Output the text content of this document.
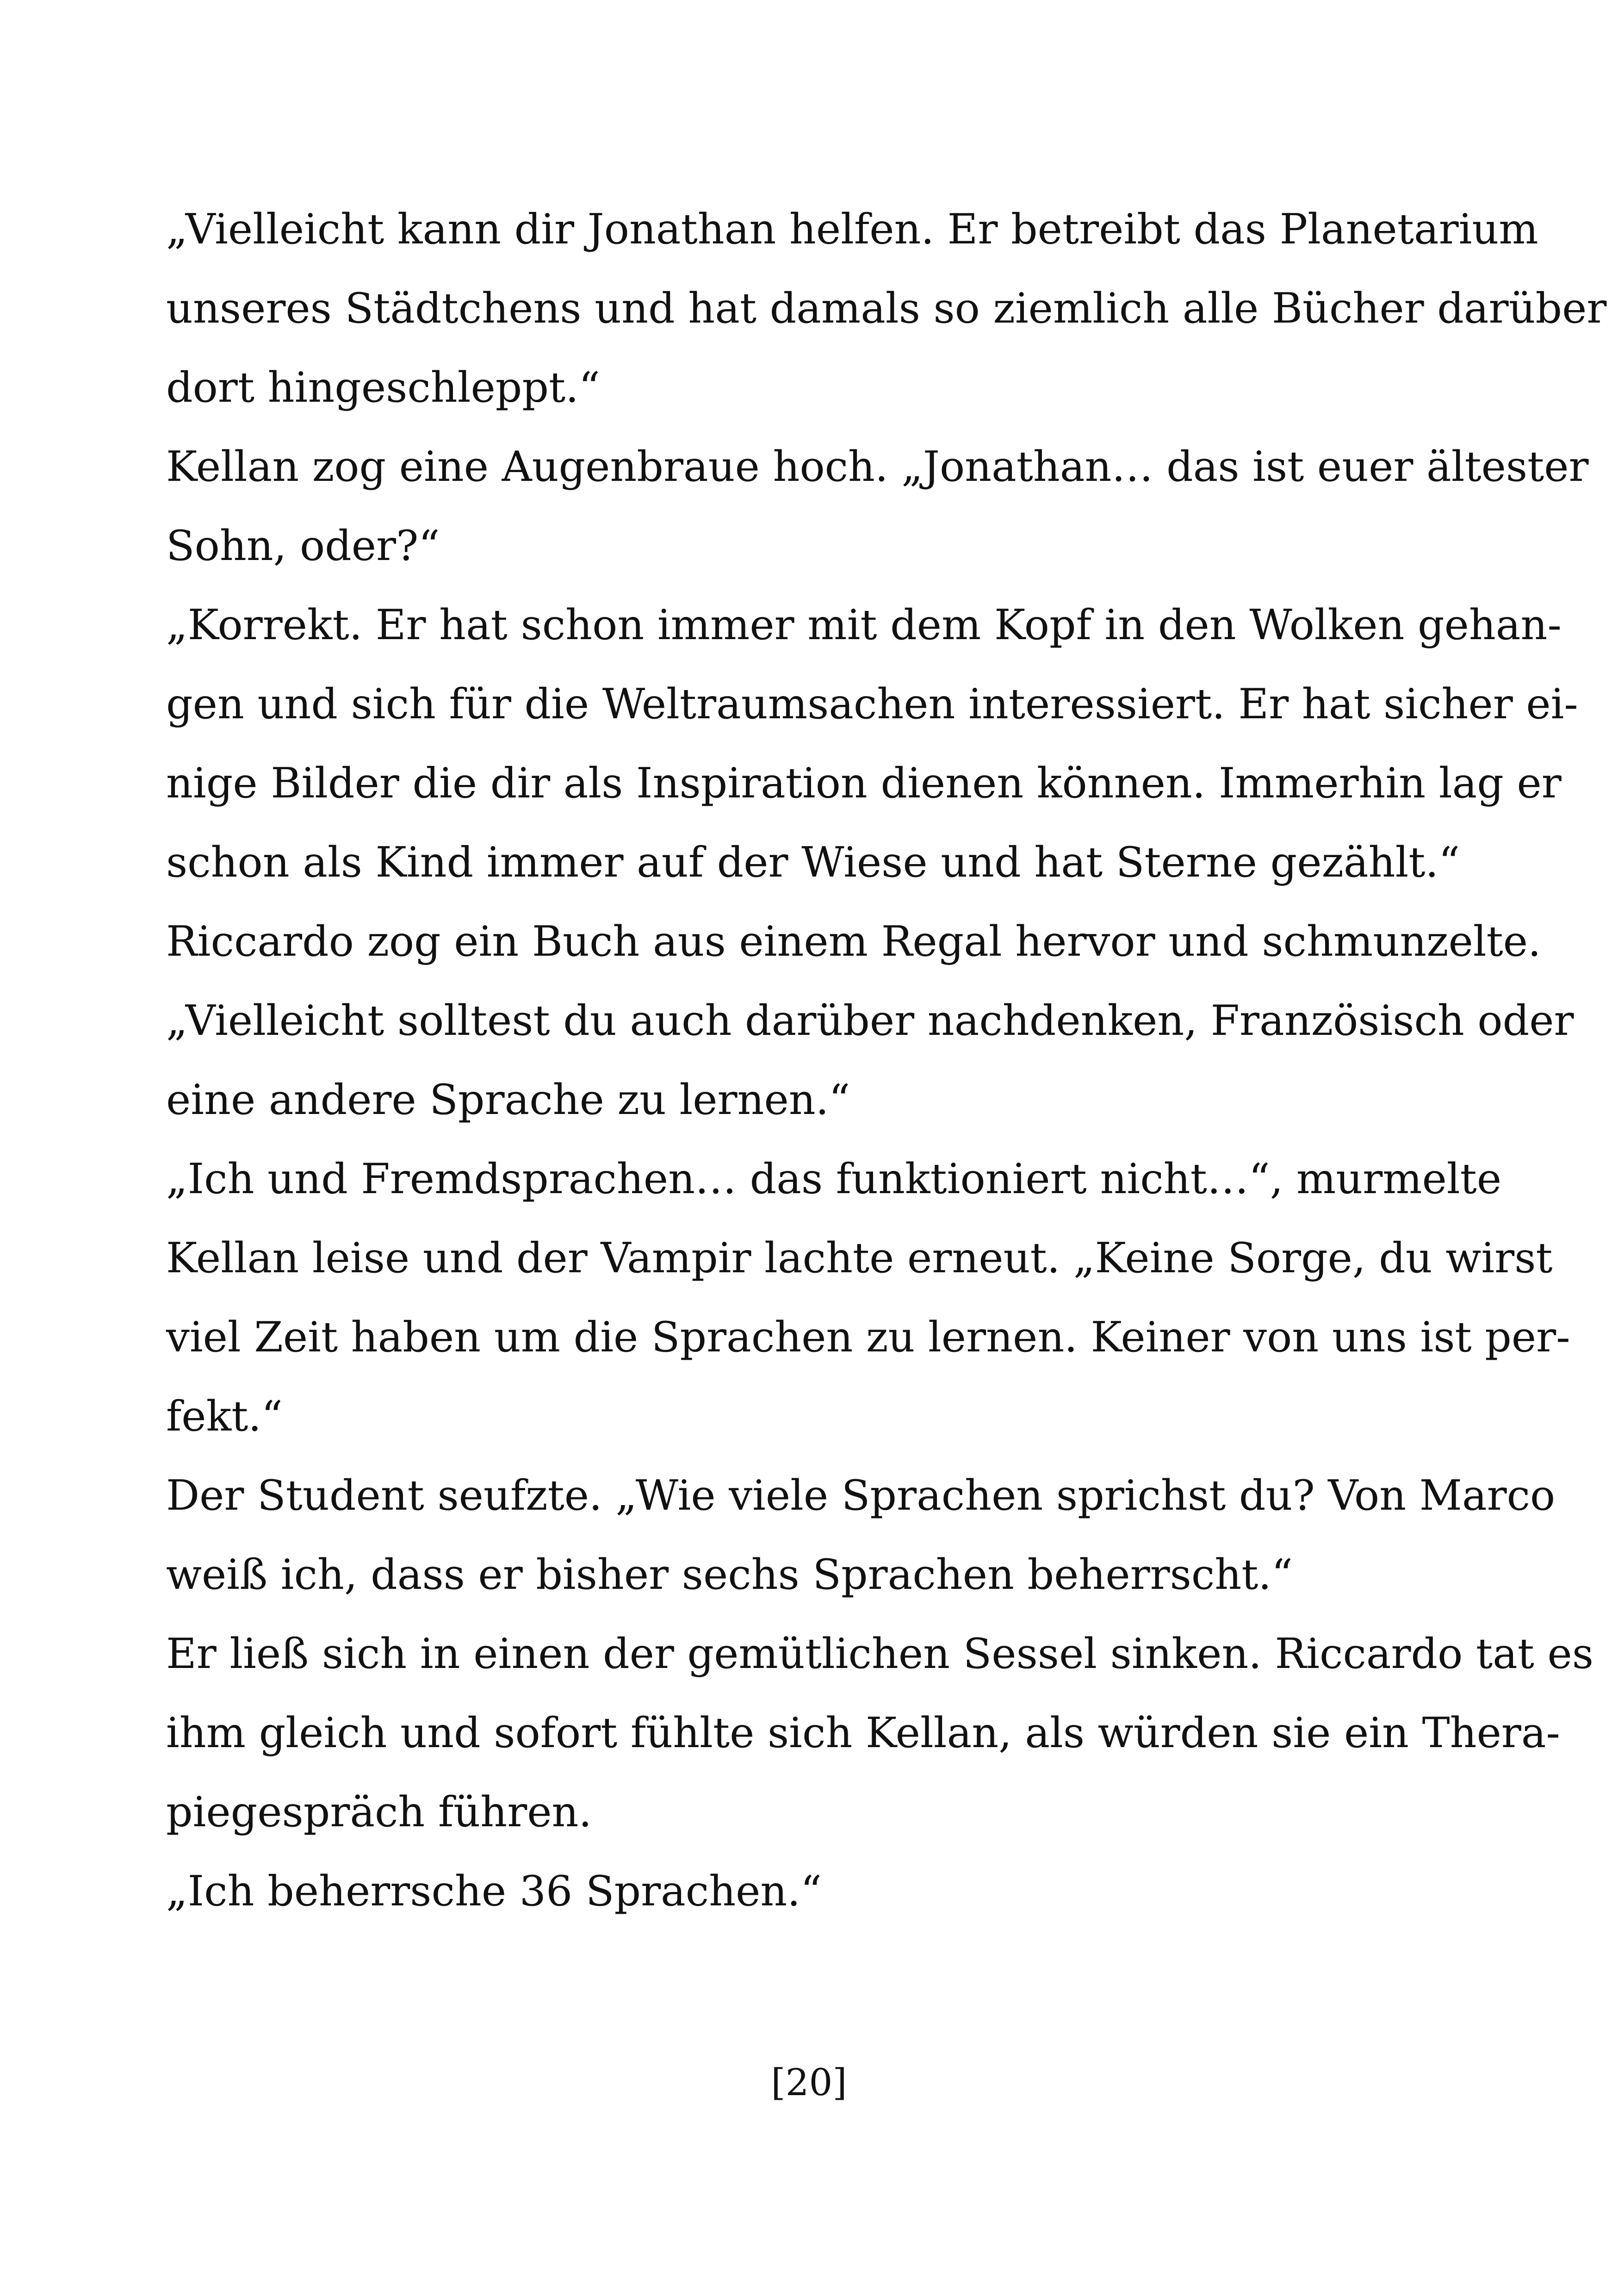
„Vielleicht kann dir Jonathan helfen. Er betreibt das Planetarium
unseres Städtchens und hat damals so ziemlich alle Bücher darüber
dort hingeschleppt.“
Kellan zog eine Augenbraue hoch. „Jonathan… das ist euer ältester
Sohn, oder?“
„Korrekt. Er hat schon immer mit dem Kopf in den Wolken gehan-
gen und sich für die Weltraumsachen interessiert. Er hat sicher ei-
nige Bilder die dir als Inspiration dienen können. Immerhin lag er
schon als Kind immer auf der Wiese und hat Sterne gezählt.“
Riccardo zog ein Buch aus einem Regal hervor und schmunzelte.
„Vielleicht solltest du auch darüber nachdenken, Französisch oder
eine andere Sprache zu lernen.“
„Ich und Fremdsprachen… das funktioniert nicht…“, murmelte
Kellan leise und der Vampir lachte erneut. „Keine Sorge, du wirst
viel Zeit haben um die Sprachen zu lernen. Keiner von uns ist per-
fekt.“
Der Student seufzte. „Wie viele Sprachen sprichst du? Von Marco
weiß ich, dass er bisher sechs Sprachen beherrscht.“
Er ließ sich in einen der gemütlichen Sessel sinken. Riccardo tat es
ihm gleich und sofort fühlte sich Kellan, als würden sie ein Thera-
piegespräch führen.
„Ich beherrsche 36 Sprachen.“
[20]
